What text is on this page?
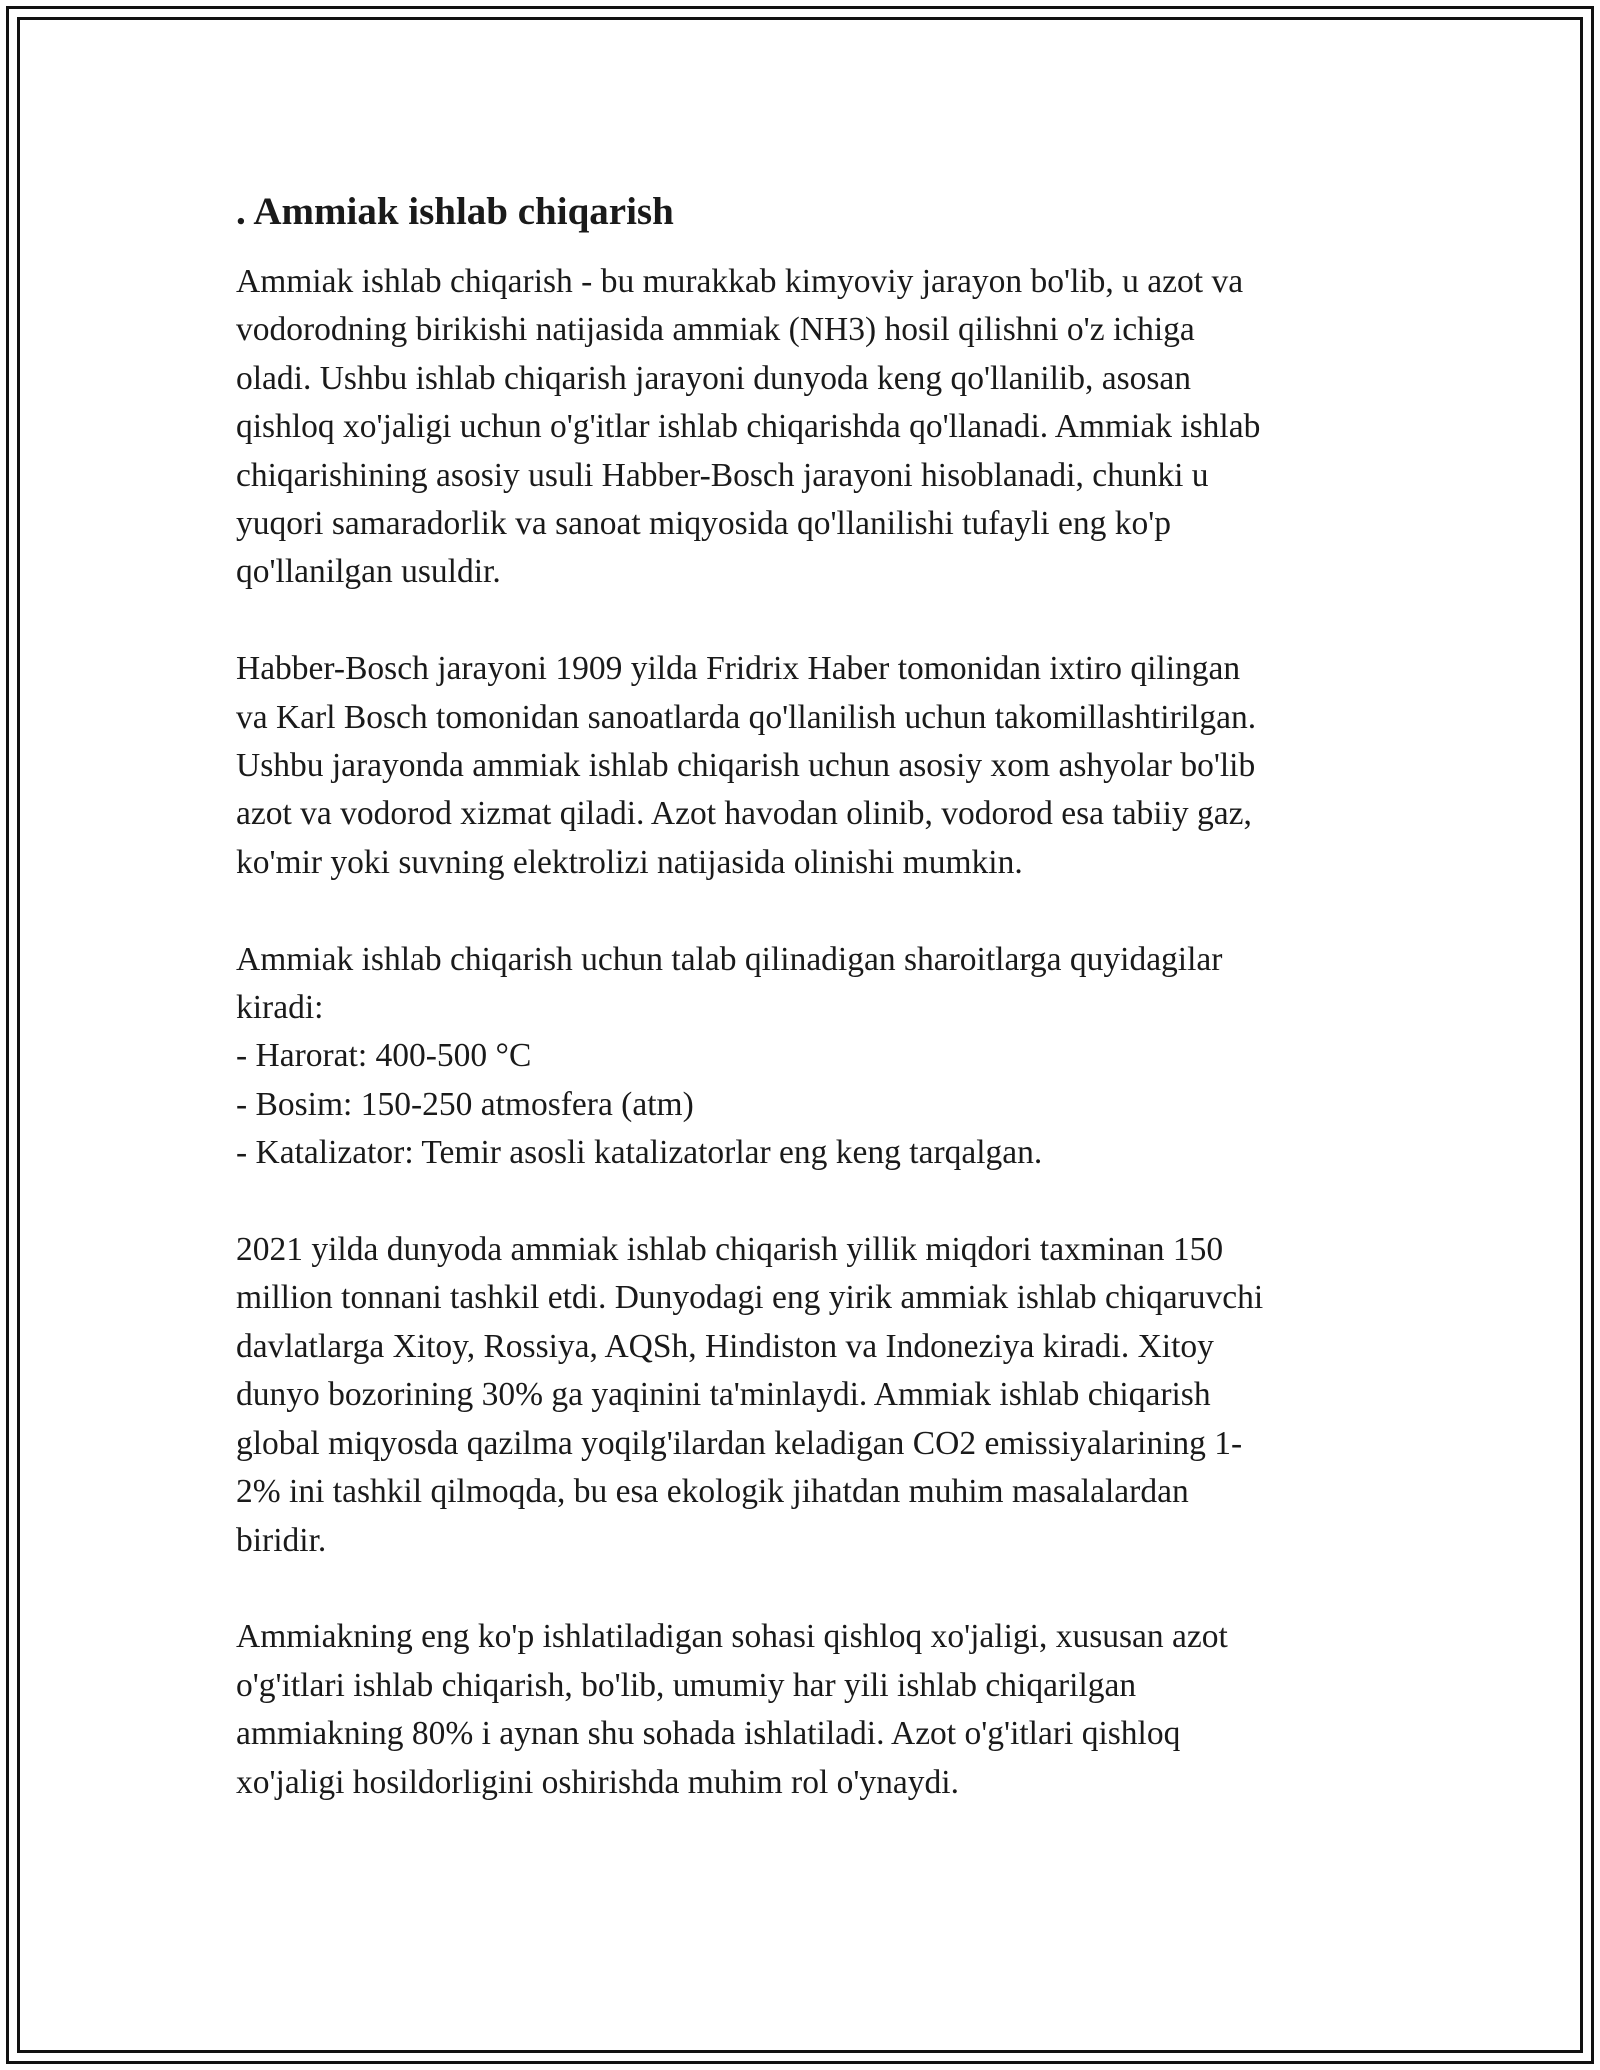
. Ammiak ishlab chiqarish

Ammiak ishlab chiqarish - bu murakkab kimyoviy jarayon bo'lib, u azot va
vodorodning birikishi natijasida ammiak (NH3) hosil qilishni o'z ichiga
oladi. Ushbu ishlab chiqarish jarayoni dunyoda keng qo'llanilib, asosan
qishloq xo'jaligi uchun o'g'itlar ishlab chiqarishda qo'llanadi. Ammiak ishlab
chiqarishining asosiy usuli Habber-Bosch jarayoni hisoblanadi, chunki u
yuqori samaradorlik va sanoat miqyosida qo'llanilishi tufayli eng ko'p
qo'llanilgan usuldir.

Habber-Bosch jarayoni 1909 yilda Fridrix Haber tomonidan ixtiro qilingan
va Karl Bosch tomonidan sanoatlarda qo'llanilish uchun takomillashtirilgan.
Ushbu jarayonda ammiak ishlab chiqarish uchun asosiy xom ashyolar bo'lib
azot va vodorod xizmat qiladi. Azot havodan olinib, vodorod esa tabiiy gaz,
ko'mir yoki suvning elektrolizi natijasida olinishi mumkin.

Ammiak ishlab chiqarish uchun talab qilinadigan sharoitlarga quyidagilar
kiradi:
- Harorat: 400-500 °C
- Bosim: 150-250 atmosfera (atm)
- Katalizator: Temir asosli katalizatorlar eng keng tarqalgan.

2021 yilda dunyoda ammiak ishlab chiqarish yillik miqdori taxminan 150
million tonnani tashkil etdi. Dunyodagi eng yirik ammiak ishlab chiqaruvchi
davlatlarga Xitoy, Rossiya, AQSh, Hindiston va Indoneziya kiradi. Xitoy
dunyo bozorining 30% ga yaqinini ta'minlaydi. Ammiak ishlab chiqarish
global miqyosda qazilma yoqilg'ilardan keladigan CO2 emissiyalarining 1-
2% ini tashkil qilmoqda, bu esa ekologik jihatdan muhim masalalardan
biridir.

Ammiakning eng ko'p ishlatiladigan sohasi qishloq xo'jaligi, xususan azot
o'g'itlari ishlab chiqarish, bo'lib, umumiy har yili ishlab chiqarilgan
ammiakning 80% i aynan shu sohada ishlatiladi. Azot o'g'itlari qishloq
xo'jaligi hosildorligini oshirishda muhim rol o'ynaydi.
